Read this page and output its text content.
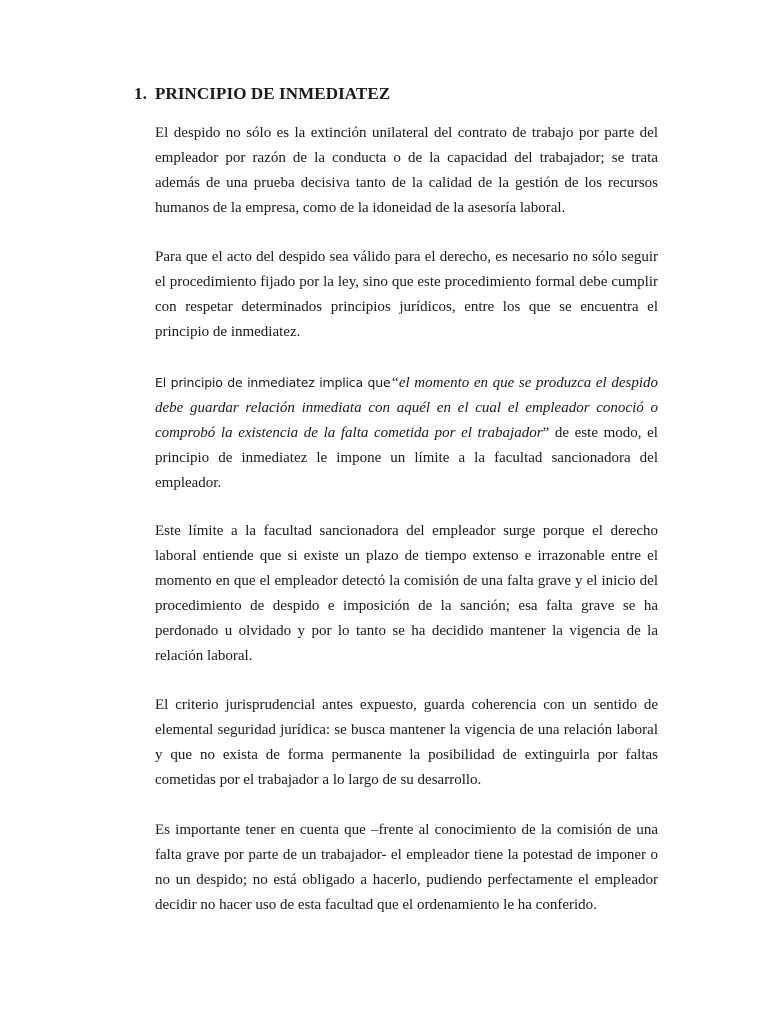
1. PRINCIPIO DE INMEDIATEZ

El despido no sólo es la extinción unilateral del contrato de trabajo por parte del empleador por razón de la conducta o de la capacidad del trabajador; se trata además de una prueba decisiva tanto de la calidad de la gestión de los recursos humanos de la empresa, como de la idoneidad de la asesoría laboral.

Para que el acto del despido sea válido para el derecho, es necesario no sólo seguir el procedimiento fijado por la ley, sino que este procedimiento formal debe cumplir con respetar determinados principios jurídicos, entre los que se encuentra el principio de inmediatez.

El principio de inmediatez implica que“el momento en que se produzca el despido debe guardar relación inmediata con aquél en el cual el empleador conoció o comprobó la existencia de la falta cometida por el trabajador” de este modo, el principio de inmediatez le impone un límite a la facultad sancionadora del empleador.

Este límite a la facultad sancionadora del empleador surge porque el derecho laboral entiende que si existe un plazo de tiempo extenso e irrazonable entre el momento en que el empleador detectó la comisión de una falta grave y el inicio del procedimiento de despido e imposición de la sanción; esa falta grave se ha perdonado u olvidado y por lo tanto se ha decidido mantener la vigencia de la relación laboral.

El criterio jurisprudencial antes expuesto, guarda coherencia con un sentido de elemental seguridad jurídica: se busca mantener la vigencia de una relación laboral y que no exista de forma permanente la posibilidad de extinguirla por faltas cometidas por el trabajador a lo largo de su desarrollo.

Es importante tener en cuenta que –frente al conocimiento de la comisión de una falta grave por parte de un trabajador- el empleador tiene la potestad de imponer o no un despido; no está obligado a hacerlo, pudiendo perfectamente el empleador decidir no hacer uso de esta facultad que el ordenamiento le ha conferido.
